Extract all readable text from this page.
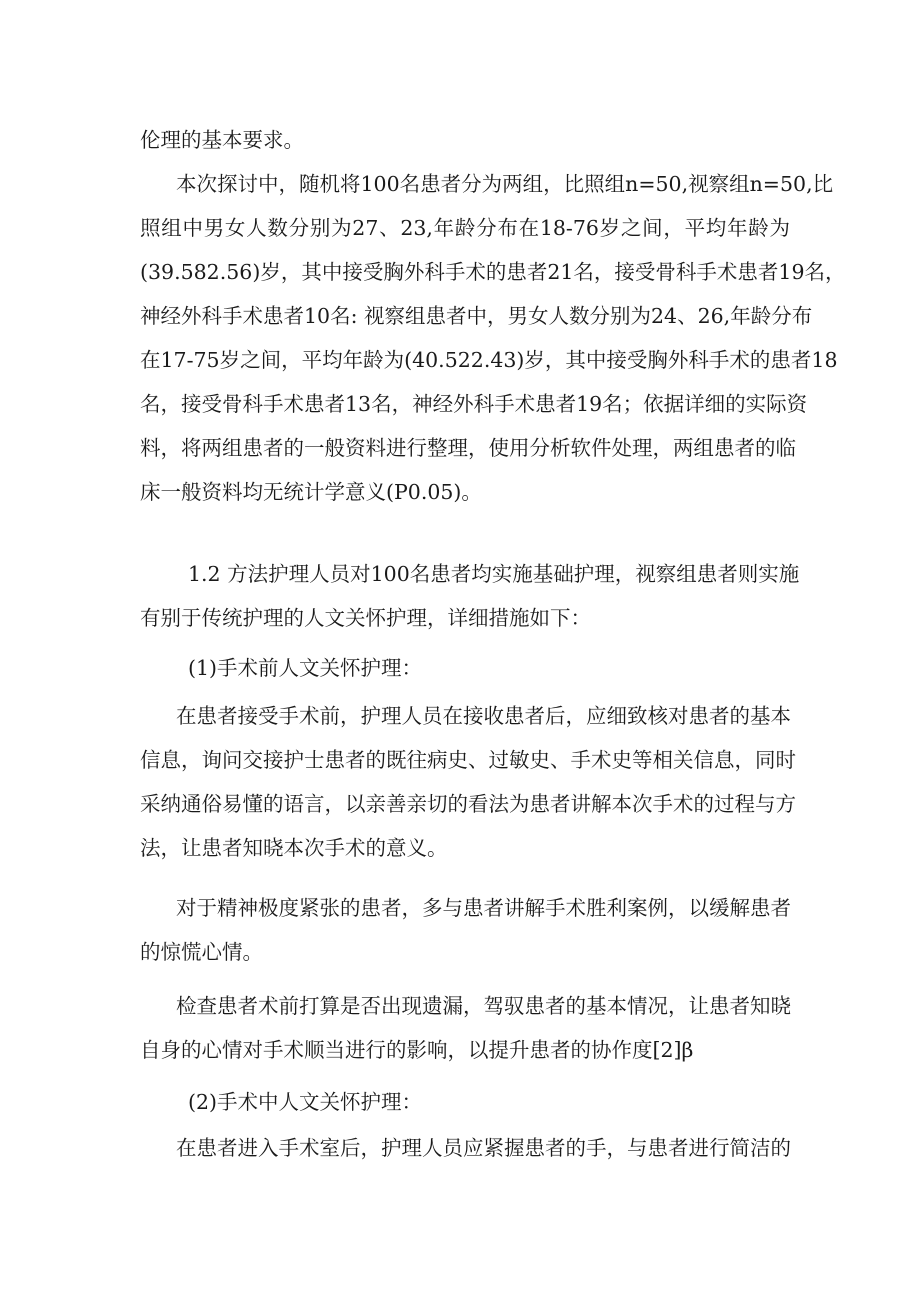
伦理的基本要求。
本次探讨中，随机将100名患者分为两组，比照组n=50,视察组n=50,比
照组中男女人数分别为27、23,年龄分布在18-76岁之间，平均年龄为
(39.582.56)岁，其中接受胸外科手术的患者21名，接受骨科手术患者19名，
神经外科手术患者10名: 视察组患者中，男女人数分别为24、26,年龄分布
在17-75岁之间，平均年龄为(40.522.43)岁，其中接受胸外科手术的患者18
名，接受骨科手术患者13名，神经外科手术患者19名；依据详细的实际资
料，将两组患者的一般资料进行整理，使用分析软件处理，两组患者的临
床一般资料均无统计学意义(P0.05)。
1.2 方法护理人员对100名患者均实施基础护理，视察组患者则实施
有别于传统护理的人文关怀护理，详细措施如下：
(1)手术前人文关怀护理：
在患者接受手术前，护理人员在接收患者后，应细致核对患者的基本
信息，询问交接护士患者的既往病史、过敏史、手术史等相关信息，同时
采纳通俗易懂的语言，以亲善亲切的看法为患者讲解本次手术的过程与方
法，让患者知晓本次手术的意义。
对于精神极度紧张的患者，多与患者讲解手术胜利案例，以缓解患者
的惊慌心情。
检查患者术前打算是否出现遗漏，驾驭患者的基本情况，让患者知晓
自身的心情对手术顺当进行的影响，以提升患者的协作度[2]β
(2)手术中人文关怀护理：
在患者进入手术室后，护理人员应紧握患者的手，与患者进行简洁的
